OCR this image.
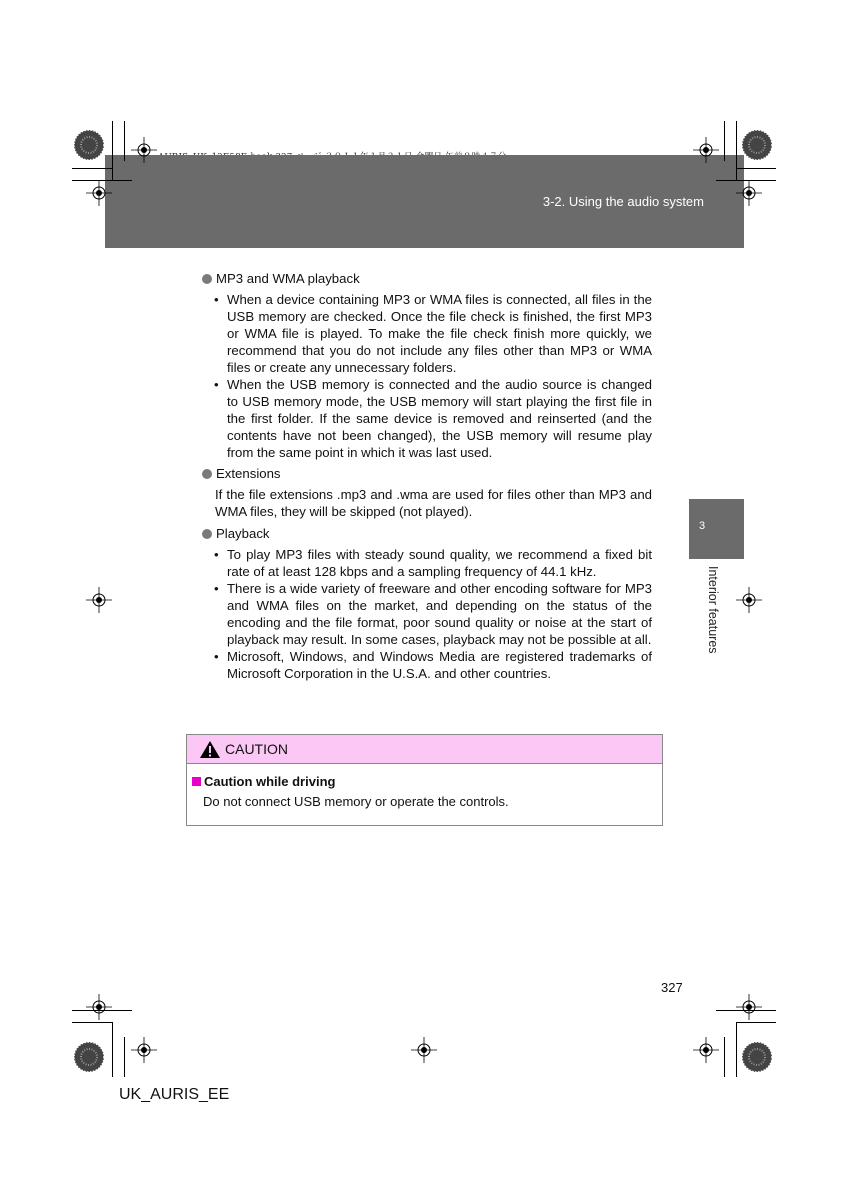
3-2. Using the audio system
3
Interior features
MP3 and WMA playback
• When a device containing MP3 or WMA files is connected, all files in the USB memory are checked. Once the file check is finished, the first MP3 or WMA file is played. To make the file check finish more quickly, we recommend that you do not include any files other than MP3 or WMA files or create any unnecessary folders.
• When the USB memory is connected and the audio source is changed to USB memory mode, the USB memory will start playing the first file in the first folder. If the same device is removed and reinserted (and the contents have not been changed), the USB memory will resume play from the same point in which it was last used.
Extensions

If the file extensions .mp3 and .wma are used for files other than MP3 and WMA files, they will be skipped (not played).

Playback
• To play MP3 files with steady sound quality, we recommend a fixed bit rate of at least 128 kbps and a sampling frequency of 44.1 kHz.
• There is a wide variety of freeware and other encoding software for MP3 and WMA files on the market, and depending on the status of the encoding and the file format, poor sound quality or noise at the start of playback may result. In some cases, playback may not be possible at all.
• Microsoft, Windows, and Windows Media are registered trademarks of Microsoft Corporation in the U.S.A. and other countries.
CAUTION
Caution while driving
Do not connect USB memory or operate the controls.
327
UK_AURIS_EE
